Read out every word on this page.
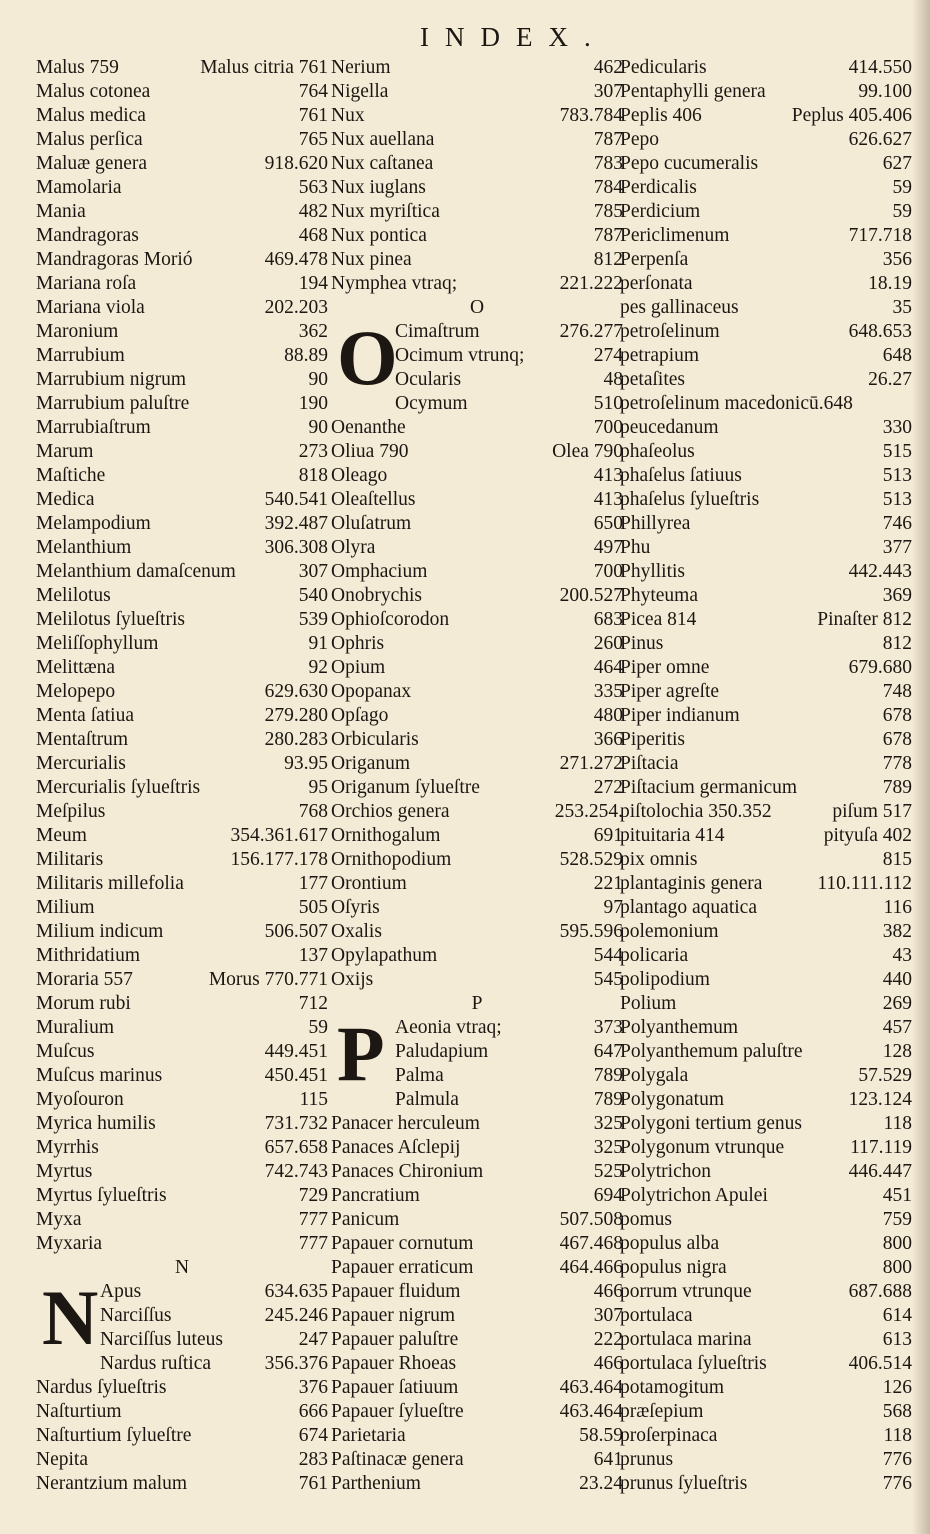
INDEX.
Malus 759	Malus citria 761
Malus cotonea	764
Malus medica	761
Malus perſica	765
Maluæ genera	918.620
Mamolaria	563
Mania	482
Mandragoras	468
Mandragoras Morió	469.478
Mariana roſa	194
Mariana viola	202.203
Maronium	362
Marrubium	88.89
Marrubium nigrum	90
Marrubium paluſtre	190
Marrubiaſtrum	90
Marum	273
Maſtiche	818
Medica	540.541
Melampodium	392.487
Melanthium	306.308
Melanthium damaſcenum	307
Melilotus	540
Melilotus ſylueſtris	539
Meliſſophyllum	91
Melittæna	92
Melopepo	629.630
Menta ſatiua	279.280
Mentaſtrum	280.283
Mercurialis	93.95
Mercurialis ſylueſtris	95
Meſpilus	768
Meum	354.361.617
Militaris	156.177.178
Militaris millefolia	177
Milium	505
Milium indicum	506.507
Mithridatium	137
Moraria 557	Morus 770.771
Morum rubi	712
Muralium	59
Muſcus	449.451
Muſcus marinus	450.451
Myoſouron	115
Myrica humilis	731.732
Myrrhis	657.658
Myrtus	742.743
Myrtus ſylueſtris	729
Myxa	777
Myxaria	777
N
N Apus	634.635
Narciſſus	245.246
Narciſſus luteus	247
Nardus ruſtica	356.376
Nardus ſylueſtris	376
Naſturtium	666
Naſturtium ſylueſtre	674
Nepita	283
Nerantzium malum	761
Nerium	462
Nigella	307
Nux	783.784
Nux auellana	787
Nux caſtanea	783
Nux iuglans	784
Nux myriſtica	785
Nux pontica	787
Nux pinea	812
Nymphea vtraq;	221.222
O
O
Cimaſtrum	276.277
Ocimum vtrunq;	274
Ocularis	48
Ocymum	510
Oenanthe	700
Oliua 790	Olea 790
Oleago	413
Oleaſtellus	413
Oluſatrum	650
Olyra	497
Omphacium	700
Onobrychis	200.527
Ophioſcorodon	683
Ophris	260
Opium	464
Opopanax	335
Opſago	480
Orbicularis	366
Origanum	271.272
Origanum ſylueſtre	272
Orchios genera	253.254.
Ornithogalum	691
Ornithopodium	528.529
Orontium	221
Oſyris	97
Oxalis	595.596
Opylapathum	544
Oxijs	545
P
P Aeonia vtraq;	373
Paludapium	647
Palma	789
Palmula	789
Panacer herculeum	325
Panaces Aſclepij	325
Panaces Chironium	525
Pancratium	694
Panicum	507.508
Papauer cornutum	467.468
Papauer erraticum	464.466
Papauer fluidum	466
Papauer nigrum	307
Papauer paluſtre	222
Papauer Rhoeas	466
Papauer ſatiuum	463.464
Papauer ſylueſtre	463.464
Parietaria	58.59
Paſtinacæ genera	641
Parthenium	23.24
Pedicularis	414.550
Pentaphylli genera	99.100
Peplis 406	Peplus 405.406
Pepo	626.627
Pepo cucumeralis	627
Perdicalis	59
Perdicium	59
Periclimenum	717.718
Perpenſa	356
perſonata	18.19
pes gallinaceus	35
petroſelinum	648.653
petrapium	648
petaſites	26.27
petroſelinum macedonicū.648
peucedanum	330
phaſeolus	515
phaſelus ſatiuus	513
phaſelus ſylueſtris	513
Phillyrea	746
Phu	377
Phyllitis	442.443
Phyteuma	369
Picea 814	Pinaſter 812
Pinus	812
Piper omne	679.680
Piper agreſte	748
Piper indianum	678
Piperitis	678
Piſtacia	778
Piſtacium germanicum	789
piſtolochia 350.352	piſum 517
pituitaria 414	pityuſa 402
pix omnis	815
plantaginis genera	110.111.112
plantago aquatica	116
polemonium	382
policaria	43
polipodium	440
Polium	269
Polyanthemum	457
Polyanthemum paluſtre	128
Polygala	57.529
Polygonatum	123.124
Polygoni tertium genus	118
Polygonum vtrunque	117.119
Polytrichon	446.447
Polytrichon Apulei	451
pomus	759
populus alba	800
populus nigra	800
porrum vtrunque	687.688
portulaca	614
portulaca marina	613
portulaca ſylueſtris	406.514
potamogitum	126
præſepium	568
proſerpinaca	118
prunus	776
prunus ſylueſtris	776
